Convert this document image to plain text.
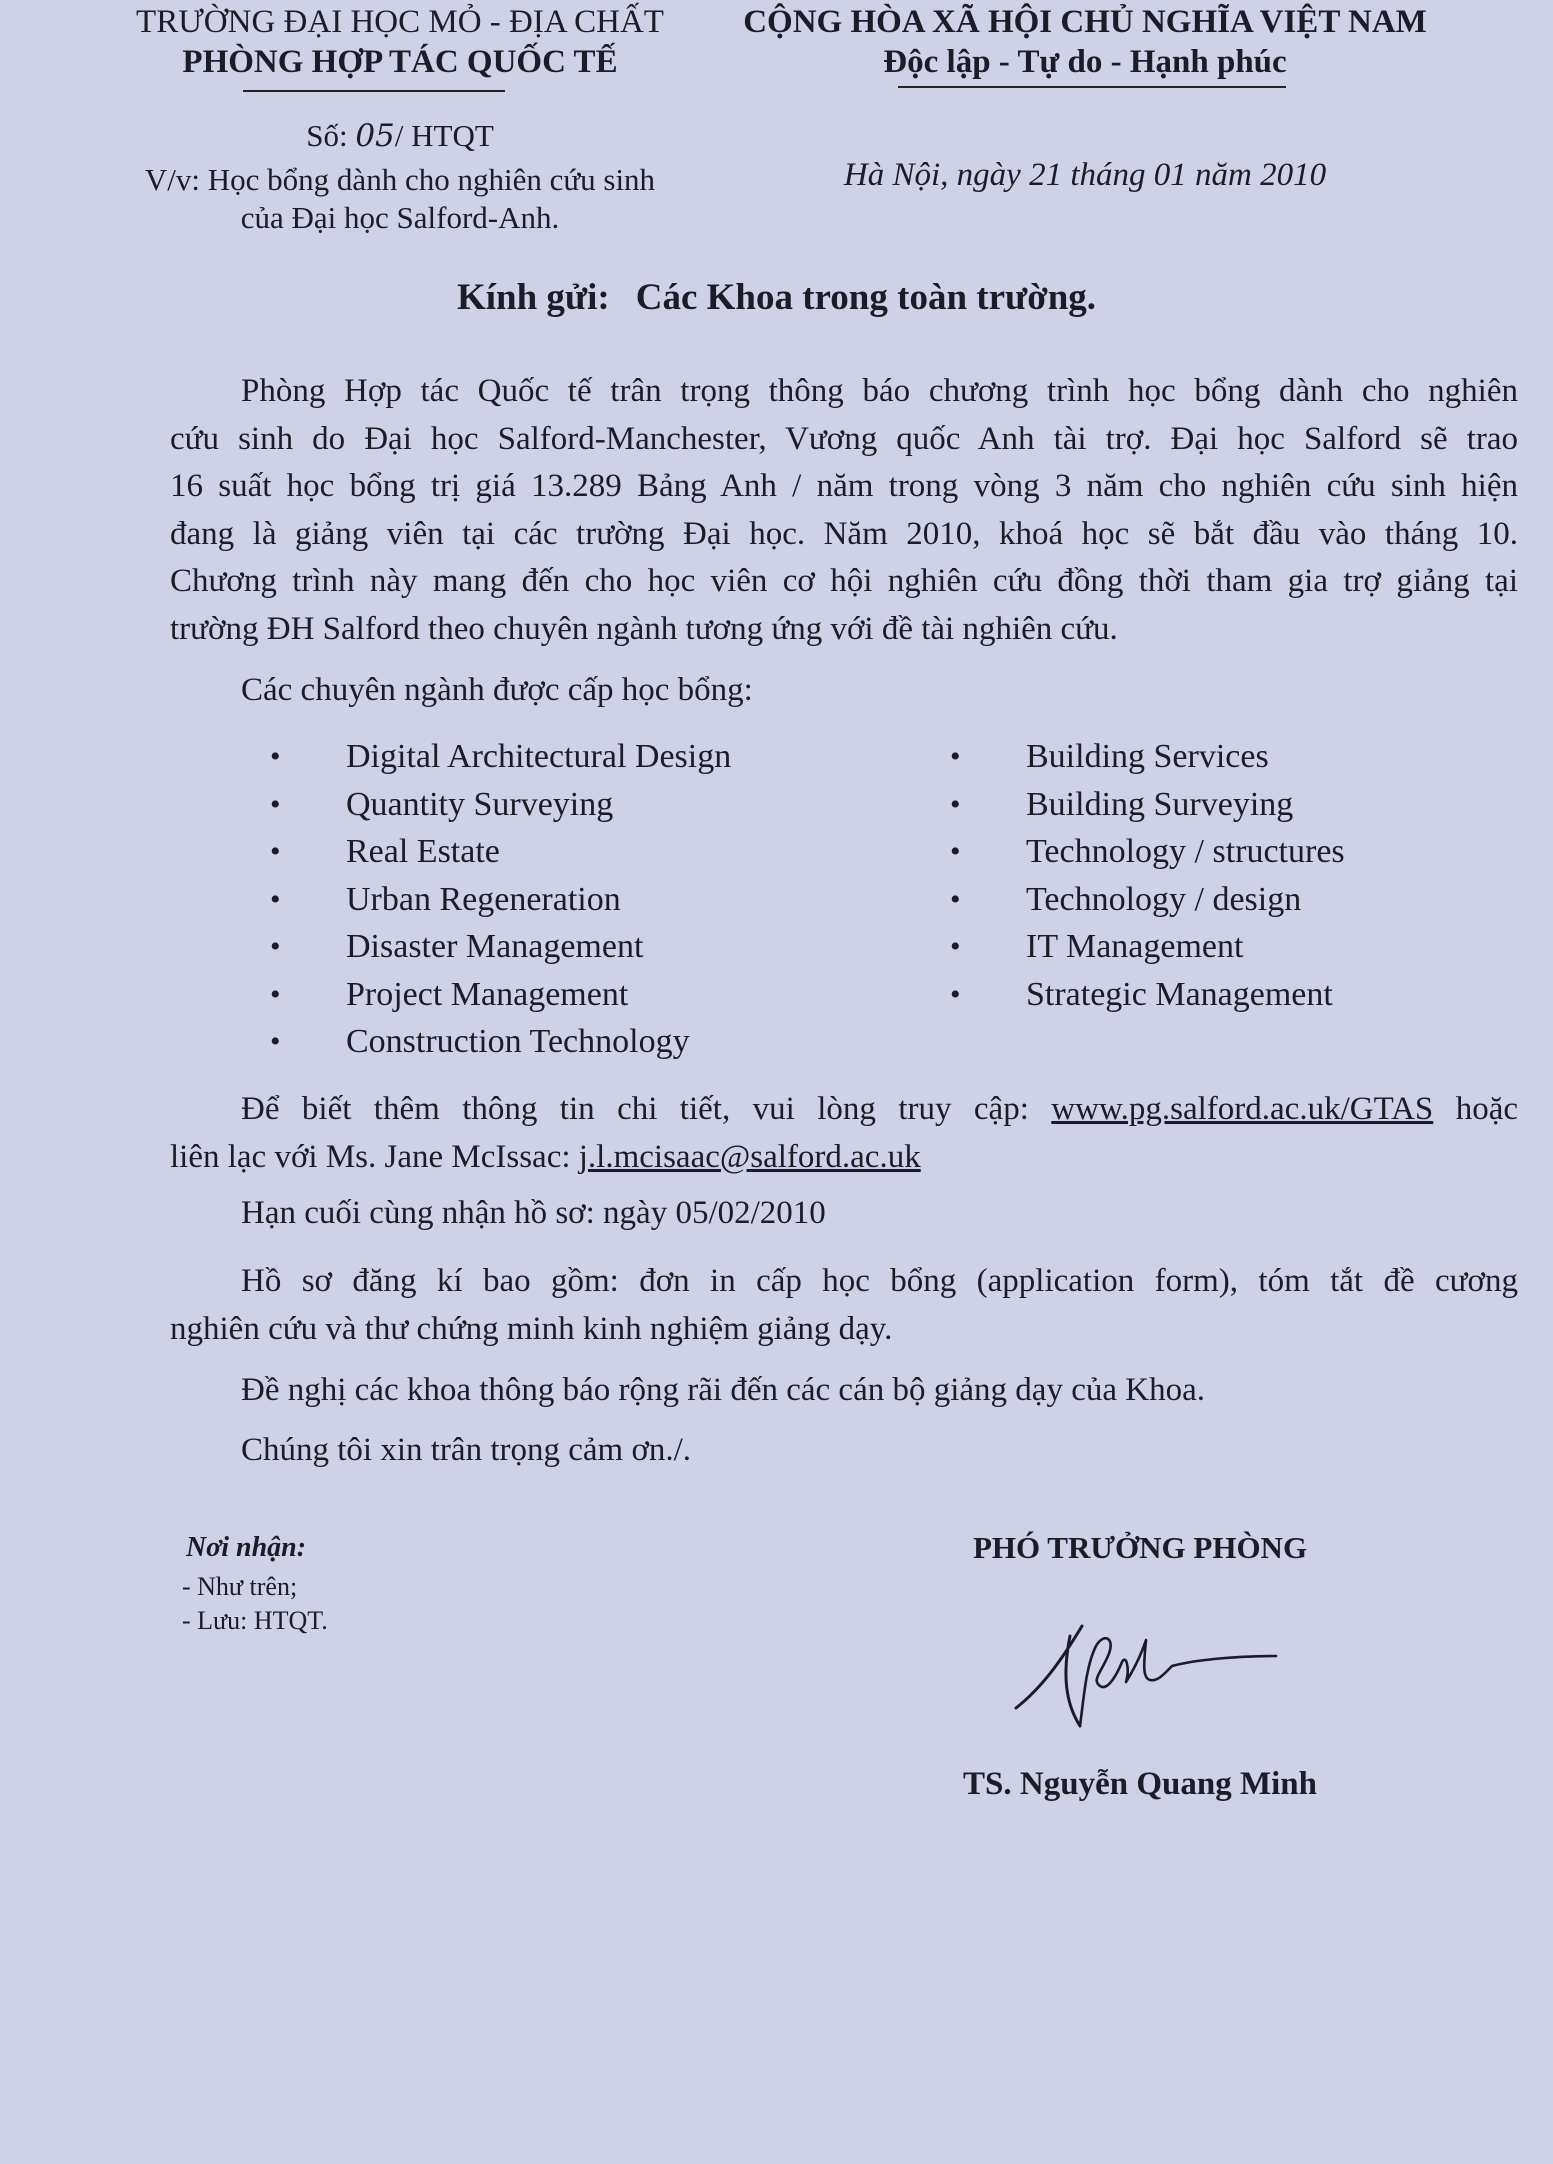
TRƯỜNG ĐẠI HỌC MỎ - ĐỊA CHẤT
PHÒNG HỢP TÁC QUỐC TẾ
CỘNG HÒA XÃ HỘI CHỦ NGHĨA VIỆT NAM
Độc lập - Tự do - Hạnh phúc
Số: 05/ HTQT
V/v: Học bổng dành cho nghiên cứu sinh
của Đại học Salford-Anh.
Hà Nội, ngày 21 tháng 01 năm 2010
Kính gửi: Các Khoa trong toàn trường.
Phòng Hợp tác Quốc tế trân trọng thông báo chương trình học bổng dành cho nghiên
cứu sinh do Đại học Salford-Manchester, Vương quốc Anh tài trợ. Đại học Salford sẽ trao
16 suất học bổng trị giá 13.289 Bảng Anh / năm trong vòng 3 năm cho nghiên cứu sinh hiện
đang là giảng viên tại các trường Đại học. Năm 2010, khoá học sẽ bắt đầu vào tháng 10.
Chương trình này mang đến cho học viên cơ hội nghiên cứu đồng thời tham gia trợ giảng tại
trường ĐH Salford theo chuyên ngành tương ứng với đề tài nghiên cứu.
Các chuyên ngành được cấp học bổng:
• Digital Architectural Design
• Quantity Surveying
• Real Estate
• Urban Regeneration
• Disaster Management
• Project Management
• Construction Technology
• Building Services
• Building Surveying
• Technology / structures
• Technology / design
• IT Management
• Strategic Management
Để biết thêm thông tin chi tiết, vui lòng truy cập: www.pg.salford.ac.uk/GTAS hoặc
liên lạc với Ms. Jane McIssac: j.l.mcisaac@salford.ac.uk
Hạn cuối cùng nhận hồ sơ: ngày 05/02/2010
Hồ sơ đăng kí bao gồm: đơn in cấp học bổng (application form), tóm tắt đề cương
nghiên cứu và thư chứng minh kinh nghiệm giảng dạy.
Đề nghị các khoa thông báo rộng rãi đến các cán bộ giảng dạy của Khoa.
Chúng tôi xin trân trọng cảm ơn./.
Nơi nhận:
- Như trên;
- Lưu: HTQT.
PHÓ TRƯỞNG PHÒNG
TS. Nguyễn Quang Minh
